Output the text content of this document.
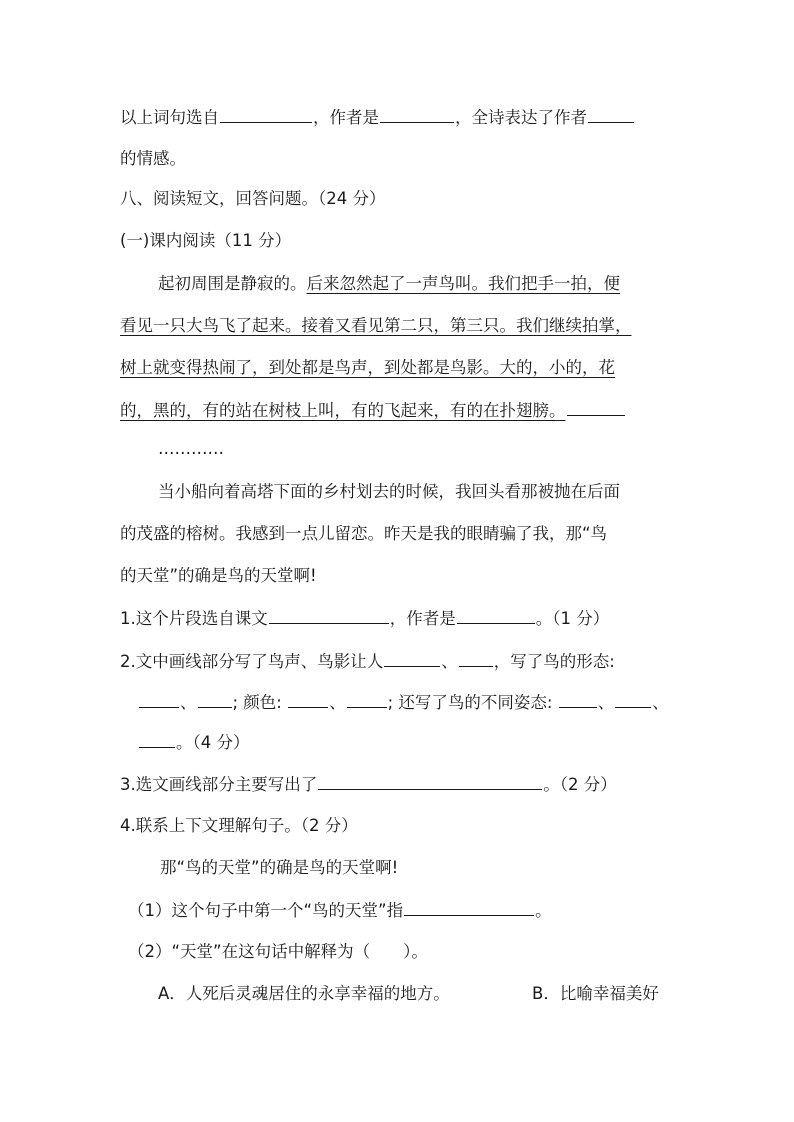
以上词句选自	，作者是	，全诗表达了作者
的情感。
八、阅读短文，回答问题。（24 分）
(一)课内阅读（11 分）
起初周围是静寂的。后来忽然起了一声鸟叫。我们把手一拍，便
看见一只大鸟飞了起来。接着又看见第二只，第三只。我们继续拍掌，
树上就变得热闹了，到处都是鸟声，到处都是鸟影。大的，小的，花
的，黑的，有的站在树枝上叫，有的飞起来，有的在扑翅膀。
…………
当小船向着高塔下面的乡村划去的时候，我回头看那被抛在后面
的茂盛的榕树。我感到一点儿留恋。昨天是我的眼睛骗了我，那“鸟
的天堂”的确是鸟的天堂啊!
1.这个片段选自课文	，作者是	。（1 分）
2.文中画线部分写了鸟声、鸟影让人	、 ，写了鸟的形态:
、 ; 颜色:	、	; 还写了鸟的不同姿态:	、 、
。（4 分）
3.选文画线部分主要写出了	。（2 分）
4.联系上下文理解句子。（2 分）
那“鸟的天堂”的确是鸟的天堂啊!
（1）这个句子中第一个“鸟的天堂”指	。
（2）“天堂”在这句话中解释为（　　）。
A．人死后灵魂居住的永享幸福的地方。	B．比喻幸福美好
